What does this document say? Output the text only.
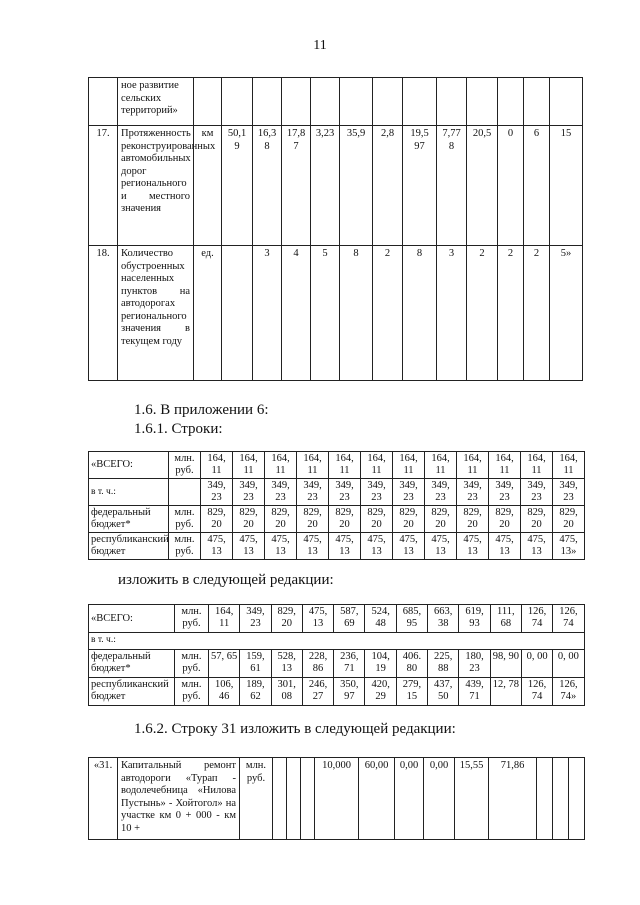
11
	ное развитие сельских территорий»													
17.	Протяженность реконструированных автомобильных дорог регионального и местного значения	км	50,1 9	16,3 8	17,8 7	3,23	35,9	2,8	19,5 97	7,77 8	20,5	0	6	15
18.	Количество обустроенных населенных пунктов на автодорогах регионального значения в текущем году	ед.		3	4	5	8	2	8	3	2	2	2	5»
1.6. В приложении 6:
1.6.1. Строки:
«ВСЕГО:	млн. руб.	164, 11	164, 11	164, 11	164, 11	164, 11	164, 11	164, 11	164, 11	164, 11	164, 11	164, 11	164, 11
в т. ч.:		349, 23	349, 23	349, 23	349, 23	349, 23	349, 23	349, 23	349, 23	349, 23	349, 23	349, 23	349, 23
федеральный бюджет*	млн. руб.	829, 20	829, 20	829, 20	829, 20	829, 20	829, 20	829, 20	829, 20	829, 20	829, 20	829, 20	829, 20
республиканский бюджет	млн. руб.	475, 13	475, 13	475, 13	475, 13	475, 13	475, 13	475, 13	475, 13	475, 13	475, 13	475, 13	475, 13»
изложить в следующей редакции:
«ВСЕГО:	млн. руб.	164, 11	349, 23	829, 20	475, 13	587, 69	524, 48	685, 95	663, 38	619, 93	111, 68	126, 74	126, 74
в т. ч.:													
федеральный бюджет*	млн. руб.	57, 65	159, 61	528, 13	228, 86	236, 71	104, 19	406. 80	225, 88	180, 23	98, 90	0, 00	0, 00
республиканский бюджет	млн. руб.	106, 46	189, 62	301, 08	246, 27	350, 97	420, 29	279, 15	437, 50	439, 71	12, 78	126, 74	126, 74»
1.6.2. Строку 31 изложить в следующей редакции:
«31.	Капитальный ремонт автодороги «Турап - водолечебница «Нилова Пустынь» - Хойтогол» на участке км 0 + 000 - км 10 +	млн. руб.				10,000	60,00	0,00	0,00	15,55	71,86			
